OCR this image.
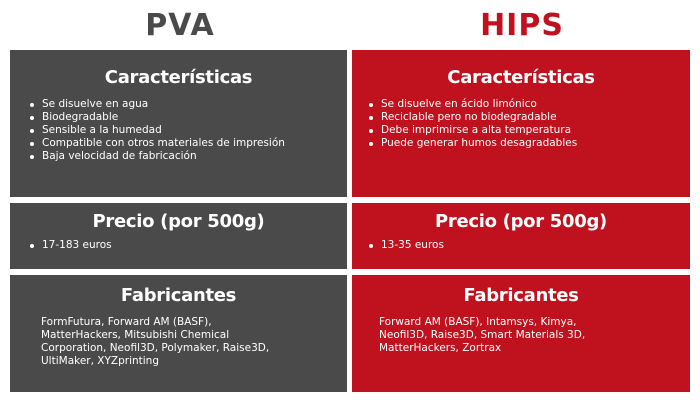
PVA	HIPS
Características
Se disuelve en agua
Biodegradable
Sensible a la humedad
Compatible con otros materiales de impresión
Baja velocidad de fabricación
Precio (por 500g)
17-183 euros
Fabricantes
FormFutura, Forward AM (BASF),
MatterHackers, Mitsubishi Chemical
Corporation, Neofil3D, Polymaker, Raise3D,
UltiMaker, XYZprinting
Características
Se disuelve en ácido limónico
Reciclable pero no biodegradable
Debe imprimirse a alta temperatura
Puede generar humos desagradables
Precio (por 500g)
13-35 euros
Fabricantes
Forward AM (BASF), Intamsys, Kimya,
Neofil3D, Raise3D, Smart Materials 3D,
MatterHackers, Zortrax
